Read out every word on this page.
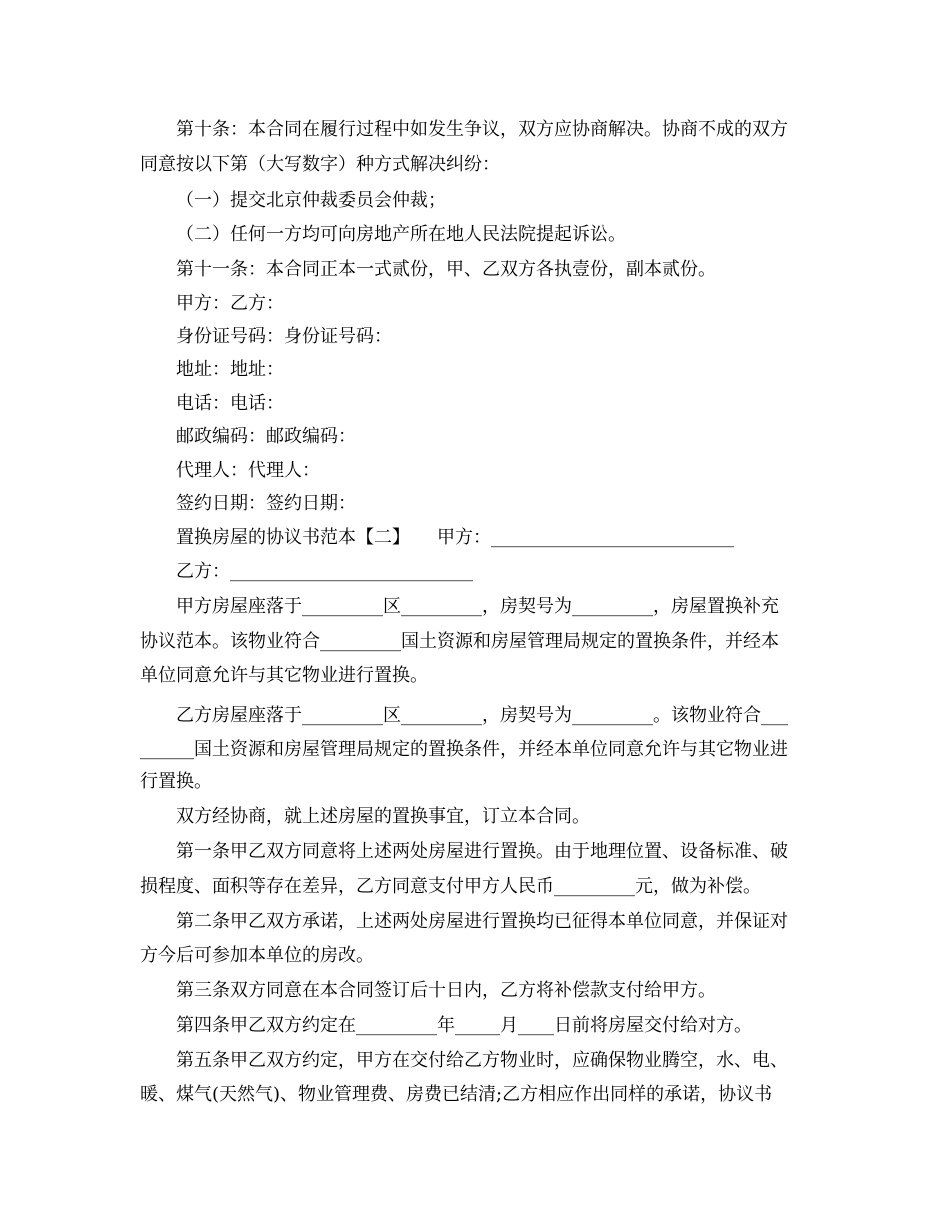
第十条：本合同在履行过程中如发生争议，双方应协商解决。协商不成的双方
同意按以下第（大写数字）种方式解决纠纷：
（一）提交北京仲裁委员会仲裁；
（二）任何一方均可向房地产所在地人民法院提起诉讼。
第十一条：本合同正本一式贰份，甲、乙双方各执壹份，副本贰份。
甲方：乙方：
身份证号码：身份证号码：
地址：地址：
电话：电话：
邮政编码：邮政编码：
代理人：代理人：
签约日期：签约日期：
置换房屋的协议书范本【二】　　甲方：___________________________
乙方：___________________________
甲方房屋座落于_________区_________，房契号为_________，房屋置换补充
协议范本。该物业符合_________国土资源和房屋管理局规定的置换条件，并经本
单位同意允许与其它物业进行置换。
乙方房屋座落于_________区_________，房契号为_________。该物业符合___
______国土资源和房屋管理局规定的置换条件，并经本单位同意允许与其它物业进
行置换。
双方经协商，就上述房屋的置换事宜，订立本合同。
第一条甲乙双方同意将上述两处房屋进行置换。由于地理位置、设备标准、破
损程度、面积等存在差异，乙方同意支付甲方人民币_________元，做为补偿。
第二条甲乙双方承诺，上述两处房屋进行置换均已征得本单位同意，并保证对
方今后可参加本单位的房改。
第三条双方同意在本合同签订后十日内，乙方将补偿款支付给甲方。
第四条甲乙双方约定在_________年_____月____日前将房屋交付给对方。
第五条甲乙双方约定，甲方在交付给乙方物业时，应确保物业腾空，水、电、
暖、煤气(天然气)、物业管理费、房费已结清;乙方相应作出同样的承诺，协议书
